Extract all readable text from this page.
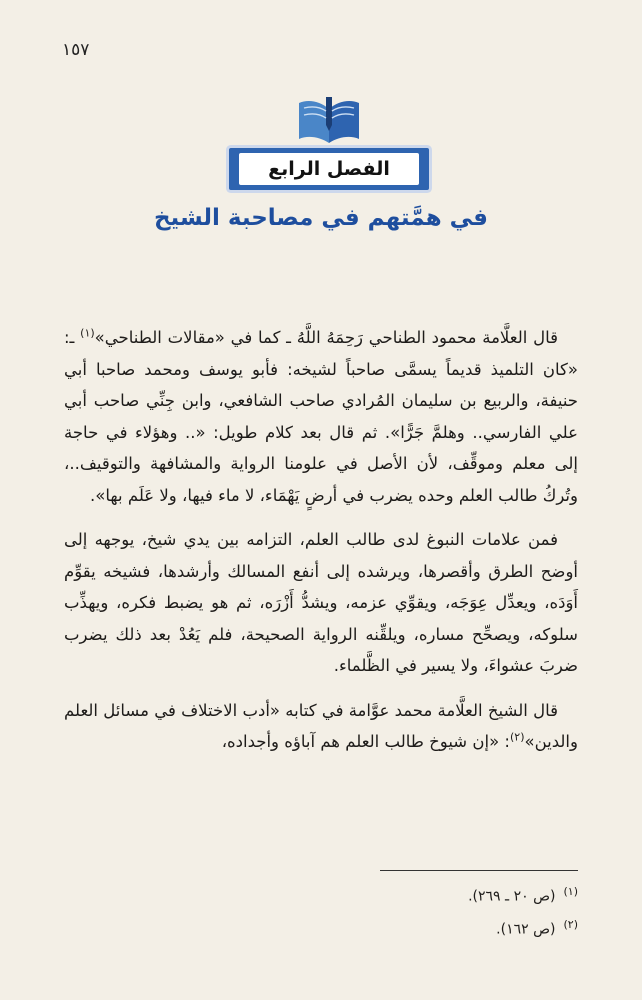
١٥٧
الفصل الرابع
في همَّتهم في مصاحبة الشيخ

قال العلَّامة محمود الطناحي رَحِمَهُ اللَّهُ ـ كما في «مقالات الطناحي»$^{(١)}$ ـ: «كان التلميذ قديماً يسمَّى صاحباً لشيخه: فأبو يوسف ومحمد صاحبا أبي حنيفة، والربيع بن سليمان المُرادي صاحب الشافعي، وابن جِنِّي صاحب أبي علي الفارسي.. وهلمَّ جَرًّا». ثم قال بعد كلام طويل: «.. وهؤلاء في حاجة إلى معلم وموقِّف، لأن الأصل في علومنا الرواية والمشافهة والتوقيف..، وتُركُ طالب العلم وحده يضرب في أرضٍ يَهْمَاء، لا ماء فيها، ولا عَلَم بها».

فمن علامات النبوغ لدى طالب العلم، التزامه بين يدي شيخ، يوجهه إلى أوضح الطرق وأقصرها، ويرشده إلى أنفع المسالك وأرشدها، فشيخه يقوِّم أَوَدَه، ويعدِّل عِوَجَه، ويقوِّي عزمه، ويشدُّ أَزْرَه، ثم هو يضبط فكره، ويهذِّب سلوكه، ويصحِّح مساره، ويلقِّنه الرواية الصحيحة، فلم يَعُدْ بعد ذلك يضرب ضربَ عشواءَ، ولا يسير في الظَّلماء.

قال الشيخ العلَّامة محمد عوَّامة في كتابه «أدب الاختلاف في مسائل العلم والدين»$^{(٢)}$: «إن شيوخ طالب العلم هم آباؤه وأجداده،

$^{(١)}$(ص ٢٠ ـ ٢٦٩).
$^{(٢)}$(ص ١٦٢).
